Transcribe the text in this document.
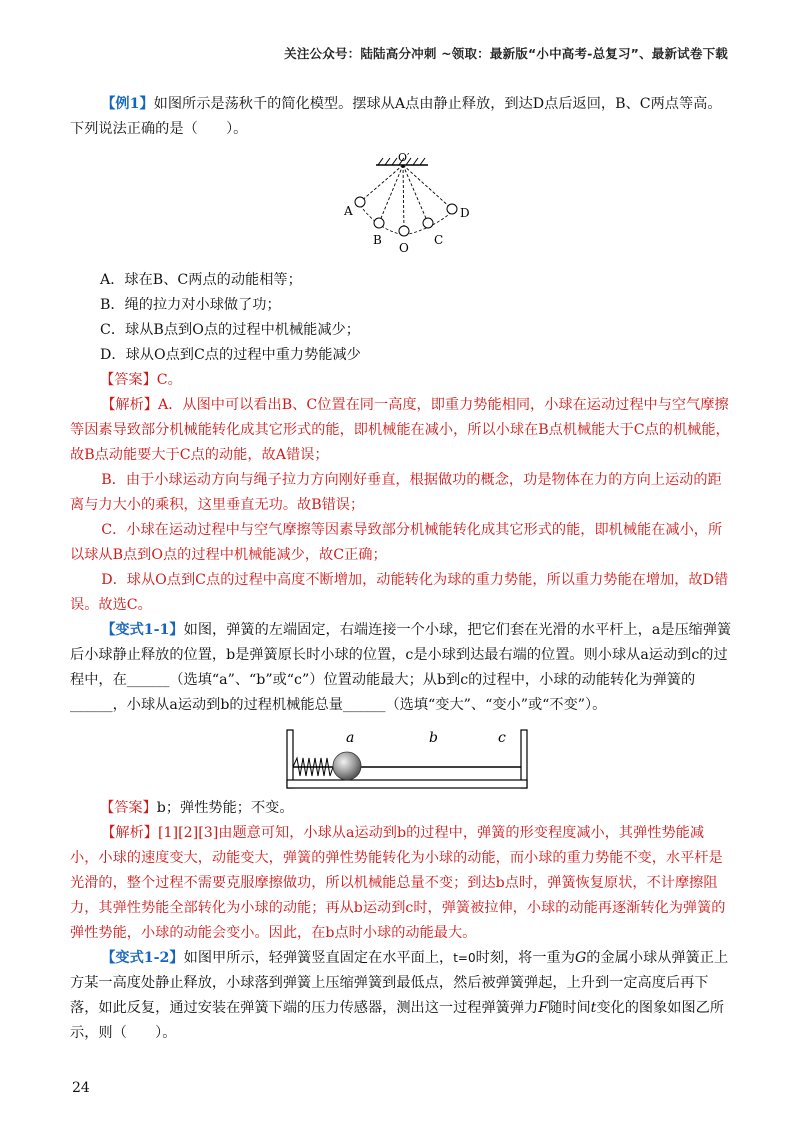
关注公众号：陆陆高分冲刺 ~领取：最新版“小中高考-总复习”、最新试卷下载

【例1】如图所示是荡秋千的简化模型。摆球从A点由静止释放，到达D点后返回，B、C两点等高。下列说法正确的是（　　）。

O′
A
B
O
C
D

A．球在B、C两点的动能相等；

B．绳的拉力对小球做了功；

C．球从B点到O点的过程中机械能减少；

D．球从O点到C点的过程中重力势能减少

【答案】C。

【解析】A．从图中可以看出B、C位置在同一高度，即重力势能相同，小球在运动过程中与空气摩擦等因素导致部分机械能转化成其它形式的能，即机械能在减小，所以小球在B点机械能大于C点的机械能，故B点动能要大于C点的动能，故A错误；

B．由于小球运动方向与绳子拉力方向刚好垂直，根据做功的概念，功是物体在力的方向上运动的距离与力大小的乘积，这里垂直无功。故B错误；

C．小球在运动过程中与空气摩擦等因素导致部分机械能转化成其它形式的能，即机械能在减小，所以球从B点到O点的过程中机械能减少，故C正确；

D．球从O点到C点的过程中高度不断增加，动能转化为球的重力势能，所以重力势能在增加，故D错误。故选C。

【变式1-1】如图，弹簧的左端固定，右端连接一个小球，把它们套在光滑的水平杆上，a是压缩弹簧后小球静止释放的位置，b是弹簧原长时小球的位置，c是小球到达最右端的位置。则小球从a运动到c的过程中，在______（选填“a”、“b”或“c”）位置动能最大；从b到c的过程中，小球的动能转化为弹簧的______，小球从a运动到b的过程机械能总量______（选填“变大”、“变小”或“不变”）。

a	b	c

【答案】b；弹性势能；不变。

【解析】[1][2][3]由题意可知，小球从a运动到b的过程中，弹簧的形变程度减小，其弹性势能减小，小球的速度变大，动能变大，弹簧的弹性势能转化为小球的动能，而小球的重力势能不变，水平杆是光滑的，整个过程不需要克服摩擦做功，所以机械能总量不变；到达b点时，弹簧恢复原状，不计摩擦阻力，其弹性势能全部转化为小球的动能；再从b运动到c时，弹簧被拉伸，小球的动能再逐渐转化为弹簧的弹性势能，小球的动能会变小。因此，在b点时小球的动能最大。

【变式1-2】如图甲所示，轻弹簧竖直固定在水平面上，t=0时刻，将一重为G的金属小球从弹簧正上方某一高度处静止释放，小球落到弹簧上压缩弹簧到最低点，然后被弹簧弹起，上升到一定高度后再下落，如此反复，通过安装在弹簧下端的压力传感器，测出这一过程弹簧弹力F随时间t变化的图象如图乙所示，则（　　）。

24
